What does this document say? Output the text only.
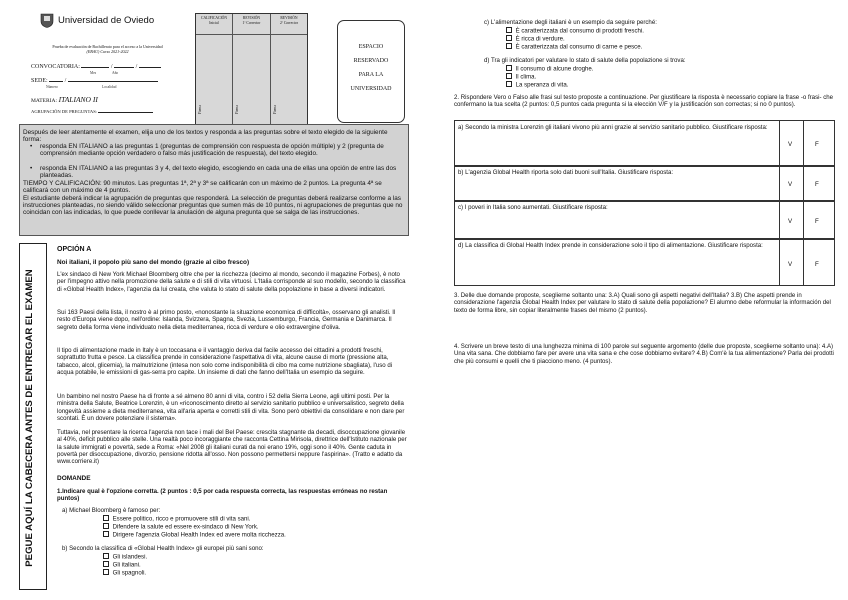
Universidad de Oviedo
Prueba de evaluación de Bachillerato para el acceso a la Universidad
(EBAU) Curso 2021-2022
CONVOCATORIA:	/	/
Mes	Año
SEDE:	/
Número	Localidad
MATERIA: ITALIANO II
AGRUPACIÓN DE PREGUNTAS:
CALIFICACIÓN
Inicial
REVISIÓN
1º Corrector
REVISIÓN
2º Corrector
Firma	Firma	Firma
ESPACIO
RESERVADO
PARA LA
UNIVERSIDAD
Después de leer atentamente el examen, elija uno de los textos y responda a las preguntas sobre el texto elegido de la siguiente forma:
• responda EN ITALIANO a las preguntas 1 (preguntas de comprensión con respuesta de opción múltiple) y 2 (pregunta de comprensión mediante opción verdadero o falso más justificación de respuesta), del texto elegido.
• responda EN ITALIANO a las preguntas 3 y 4, del texto elegido, escogiendo en cada una de ellas una opción de entre las dos planteadas.
TIEMPO Y CALIFICACIÓN: 90 minutos. Las preguntas 1ª, 2ª y 3ª se calificarán con un máximo de 2 puntos. La pregunta 4ª se calificará con un máximo de 4 puntos.
El estudiante deberá indicar la agrupación de preguntas que responderá. La selección de preguntas deberá realizarse conforme a las instrucciones planteadas, no siendo válido seleccionar preguntas que sumen más de 10 puntos, ni agrupaciones de preguntas que no coincidan con las indicadas, lo que puede conllevar la anulación de alguna pregunta que se salga de las instrucciones.
PEGUE AQUÍ LA CABECERA ANTES DE ENTREGAR EL EXAMEN
OPCIÓN A
Noi italiani, il popolo più sano del mondo (grazie al cibo fresco)
L'ex sindaco di New York Michael Bloomberg oltre che per la ricchezza (decimo al mondo, secondo il magazine Forbes), è noto per l'impegno attivo nella promozione della salute e di stili di vita virtuosi. L'Italia corrisponde al suo modello, secondo la classifica di «Global Health Index», l'agenzia da lui creata, che valuta lo stato di salute della popolazione in base a diversi indicatori.
Sui 163 Paesi della lista, il nostro è al primo posto, «nonostante la situazione economica di difficoltà», osservano gli analisti. Il resto d'Europa viene dopo, nell'ordine: Islanda, Svizzera, Spagna, Svezia, Lussemburgo, Francia, Germania e Danimarca. Il segreto della forma viene individuato nella dieta mediterranea, ricca di verdure e olio extravergine d'oliva.
Il tipo di alimentazione made in Italy è un toccasana e il vantaggio deriva dal facile accesso dei cittadini a prodotti freschi, soprattutto frutta e pesce. La classifica prende in considerazione l'aspettativa di vita, alcune cause di morte (pressione alta, tabacco, alcol, glicemia), la malnutrizione (intesa non solo come indisponibilità di cibo ma come nutrizione sbagliata), l'uso di acqua potabile, le emissioni di gas-serra pro capite. Un insieme di dati che fanno dell'Italia un esempio da seguire.
Un bambino nel nostro Paese ha di fronte a sé almeno 80 anni di vita, contro i 52 della Sierra Leone, agli ultimi posti. Per la ministra della Salute, Beatrice Lorenzin, è un «riconoscimento diretto al servizio sanitario pubblico e universalistico, segreto della longevità assieme a dieta mediterranea, vita all'aria aperta e corretti stili di vita. Sono però obiettivi da consolidare e non dare per scontati. È un dovere potenziare il sistema».
Tuttavia, nel presentare la ricerca l'agenzia non tace i mali del Bel Paese: crescita stagnante da decadi, disoccupazione giovanile al 40%, deficit pubblico alle stelle. Una realtà poco incoraggiante che racconta Cettina Mirisola, direttrice dell'Istituto nazionale per la salute immigrati e povertà, sede a Roma: «Nel 2008 gli italiani curati da noi erano 19%, oggi sono il 40%. Gente caduta in povertà per disoccupazione, divorzio, pensione ridotta all'osso. Non possono permettersi neppure l'aspirina». (Tratto e adatto da www.corriere.it)
DOMANDE
1.Indicare qual è l'opzione corretta. (2 puntos : 0,5 por cada respuesta correcta, las respuestas erróneas no restan puntos)
a) Michael Bloomberg è famoso per:
Essere politico, ricco e promuovere stili di vita sani.
Difendere la salute ed essere ex-sindaco di New York.
Dirigere l'agenzia Global Health Index ed avere molta ricchezza.
b) Secondo la classifica di «Global Health Index» gli europei più sani sono:
Gli islandesi.
Gli italiani.
Gli spagnoli.
c) L'alimentazione degli italiani è un esempio da seguire perché:
È caratterizzata dal consumo di prodotti freschi.
È ricca di verdure.
È caratterizzata dal consumo di carne e pesce.
d) Tra gli indicatori per valutare lo stato di salute della popolazione si trova:
Il consumo di alcune droghe.
Il clima.
La speranza di vita.
2. Rispondere Vero o Falso alle frasi sul testo proposte a continuazione. Per giustificare la risposta è necessario copiare la frase -o frasi- che confermano la tua scelta (2 puntos: 0,5 puntos cada pregunta si la elección V/F y la justificación son correctas; si no 0 puntos).
a) Secondo la ministra Lorenzin gli italiani vivono più anni grazie al servizio sanitario pubblico. Giustificare risposta:
V	F
b) L'agenzia Global Health riporta solo dati buoni sull'Italia. Giustificare risposta:
V	F
c) I poveri in Italia sono aumentati. Giustificare risposta:
V	F
d) La classifica di Global Health Index prende in considerazione solo il tipo di alimentazione. Giustificare risposta:
V	F
3. Delle due domande proposte, sceglierne soltanto una: 3.A) Quali sono gli aspetti negativi dell'Italia? 3.B) Che aspetti prende in considerazione l'agenzia Global Health Index per valutare lo stato di salute della popolazione? El alumno debe reformular la información del texto de forma libre, sin copiar literalmente frases del mismo (2 puntos).
4. Scrivere un breve testo di una lunghezza minima di 100 parole sul seguente argomento (delle due proposte, sceglierne soltanto una): 4.A) Una vita sana. Che dobbiamo fare per avere una vita sana e che cose dobbiamo evitare? 4.B) Com'è la tua alimentazione? Parla dei prodotti che più consumi e quelli che ti piacciono meno. (4 puntos).
